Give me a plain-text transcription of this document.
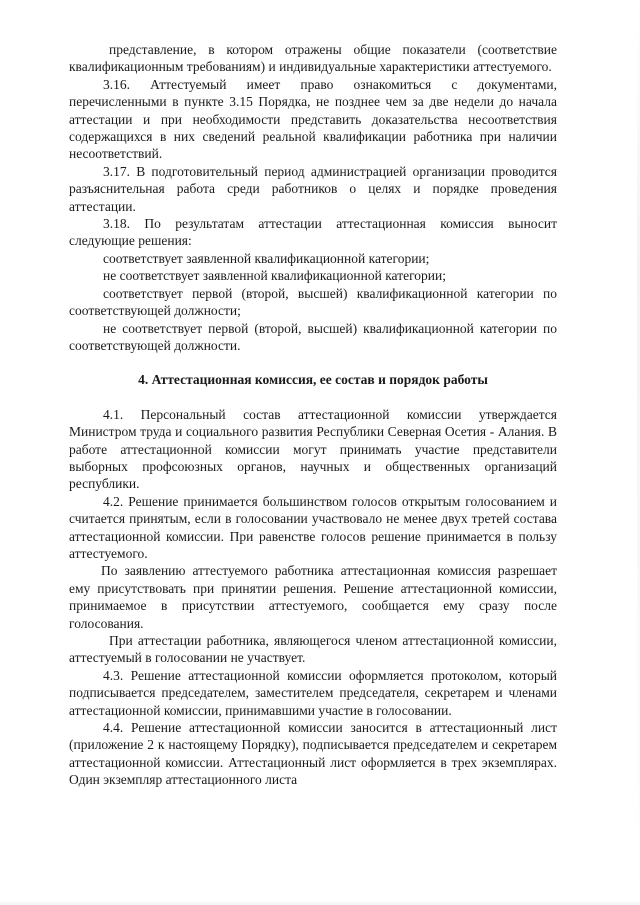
представление, в котором отражены общие показатели (соответствие квалификационным требованиям) и индивидуальные характеристики аттестуемого.

3.16. Аттестуемый имеет право ознакомиться с документами, перечисленными в пункте 3.15 Порядка, не позднее чем за две недели до начала аттестации и при необходимости представить доказательства несоответствия содержащихся в них сведений реальной квалификации работника при наличии несоответствий.

3.17. В подготовительный период администрацией организации проводится разъяснительная работа среди работников о целях и порядке проведения аттестации.

3.18. По результатам аттестации аттестационная комиссия выносит следующие решения:

соответствует заявленной квалификационной категории;

не соответствует заявленной квалификационной категории;

соответствует первой (второй, высшей) квалификационной категории по соответствующей должности;

не соответствует первой (второй, высшей) квалификационной категории по соответствующей должности.

4. Аттестационная комиссия, ее состав и порядок работы

4.1. Персональный состав аттестационной комиссии утверждается Министром труда и социального развития Республики Северная Осетия - Алания. В работе аттестационной комиссии могут принимать участие представители выборных профсоюзных органов, научных и общественных организаций республики.

4.2. Решение принимается большинством голосов открытым голосованием и считается принятым, если в голосовании участвовало не менее двух третей состава аттестационной комиссии. При равенстве голосов решение принимается в пользу аттестуемого.

По заявлению аттестуемого работника аттестационная комиссия разрешает ему присутствовать при принятии решения. Решение аттестационной комиссии, принимаемое в присутствии аттестуемого, сообщается ему сразу после голосования.

При аттестации работника, являющегося членом аттестационной комиссии, аттестуемый в голосовании не участвует.

4.3. Решение аттестационной комиссии оформляется протоколом, который подписывается председателем, заместителем председателя, секретарем и членами аттестационной комиссии, принимавшими участие в голосовании.

4.4. Решение аттестационной комиссии заносится в аттестационный лист (приложение 2 к настоящему Порядку), подписывается председателем и секретарем аттестационной комиссии. Аттестационный лист оформляется в трех экземплярах. Один экземпляр аттестационного листа
